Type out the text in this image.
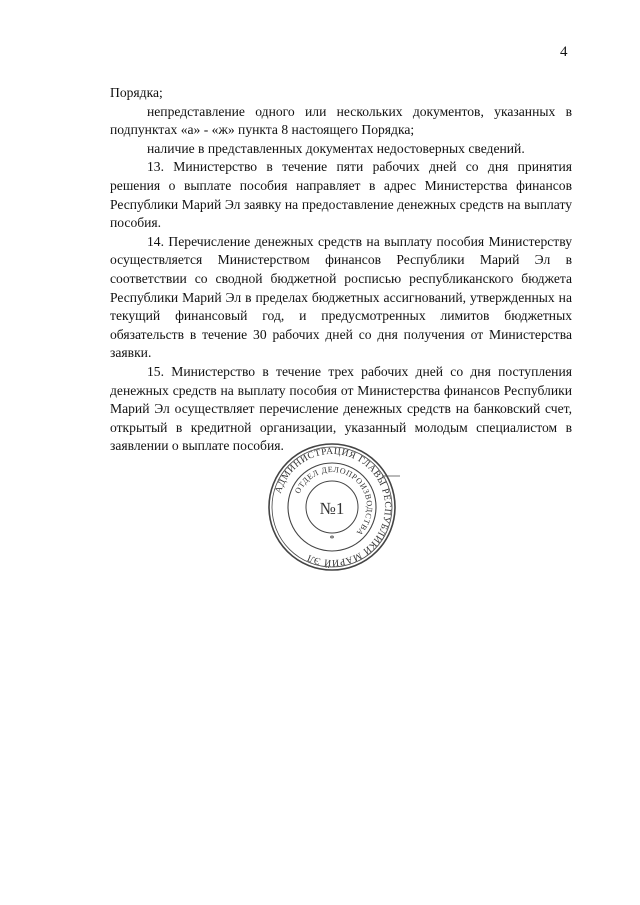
4

Порядка;

непредставление одного или нескольких документов, указанных в подпунктах «а» - «ж» пункта 8 настоящего Порядка;

наличие в представленных документах недостоверных сведений.

13. Министерство в течение пяти рабочих дней со дня принятия решения о выплате пособия направляет в адрес Министерства финансов Республики Марий Эл заявку на предоставление денежных средств на выплату пособия.

14. Перечисление денежных средств на выплату пособия Министерству осуществляется Министерством финансов Республики Марий Эл в соответствии со сводной бюджетной росписью республиканского бюджета Республики Марий Эл в пределах бюджетных ассигнований, утвержденных на текущий финансовый год, и предусмотренных лимитов бюджетных обязательств в течение 30 рабочих дней со дня получения от Министерства заявки.

15. Министерство в течение трех рабочих дней со дня поступления денежных средств на выплату пособия от Министерства финансов Республики Марий Эл осуществляет перечисление денежных средств на банковский счет, открытый в кредитной организации, указанный молодым специалистом в заявлении о выплате пособия.

АДМИНИСТРАЦИЯ ГЛАВЫ РЕСПУБЛИКИ МАРИЙ ЭЛ
ОТДЕЛ ДЕЛОПРОИЗВОДСТВА
№1
*
